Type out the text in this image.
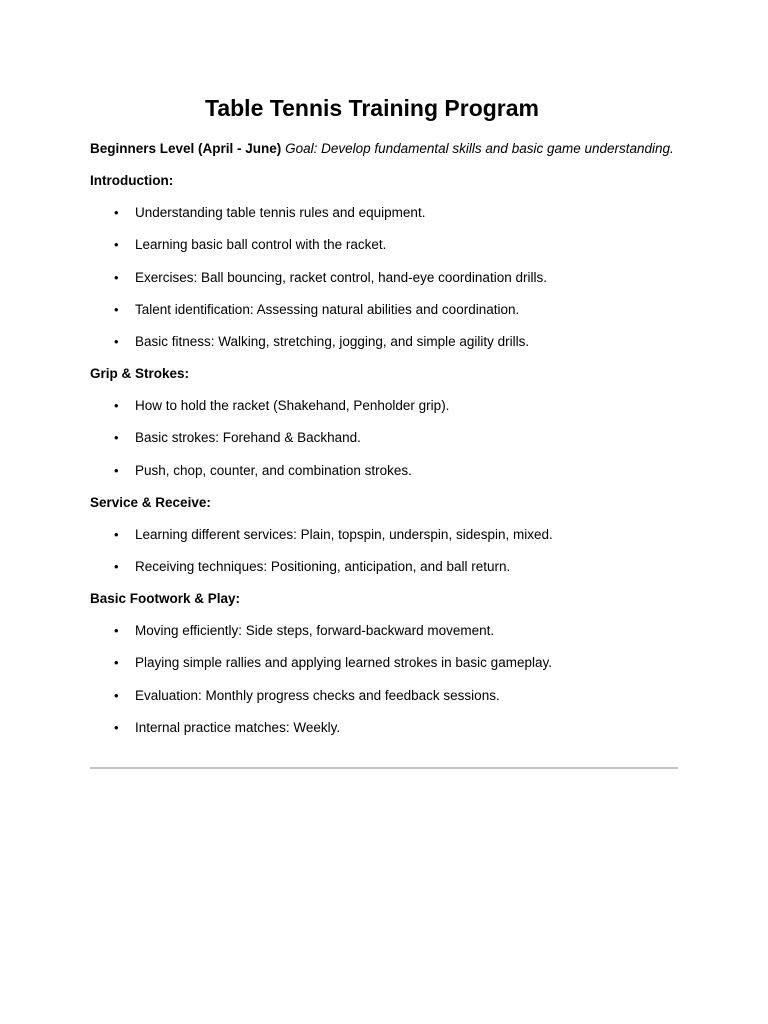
Table Tennis Training Program

Beginners Level (April - June) Goal: Develop fundamental skills and basic game understanding.

Introduction:

• Understanding table tennis rules and equipment.
• Learning basic ball control with the racket.
• Exercises: Ball bouncing, racket control, hand-eye coordination drills.
• Talent identification: Assessing natural abilities and coordination.
• Basic fitness: Walking, stretching, jogging, and simple agility drills.

Grip & Strokes:

• How to hold the racket (Shakehand, Penholder grip).
• Basic strokes: Forehand & Backhand.
• Push, chop, counter, and combination strokes.

Service & Receive:

• Learning different services: Plain, topspin, underspin, sidespin, mixed.
• Receiving techniques: Positioning, anticipation, and ball return.

Basic Footwork & Play:

• Moving efficiently: Side steps, forward-backward movement.
• Playing simple rallies and applying learned strokes in basic gameplay.
• Evaluation: Monthly progress checks and feedback sessions.
• Internal practice matches: Weekly.
